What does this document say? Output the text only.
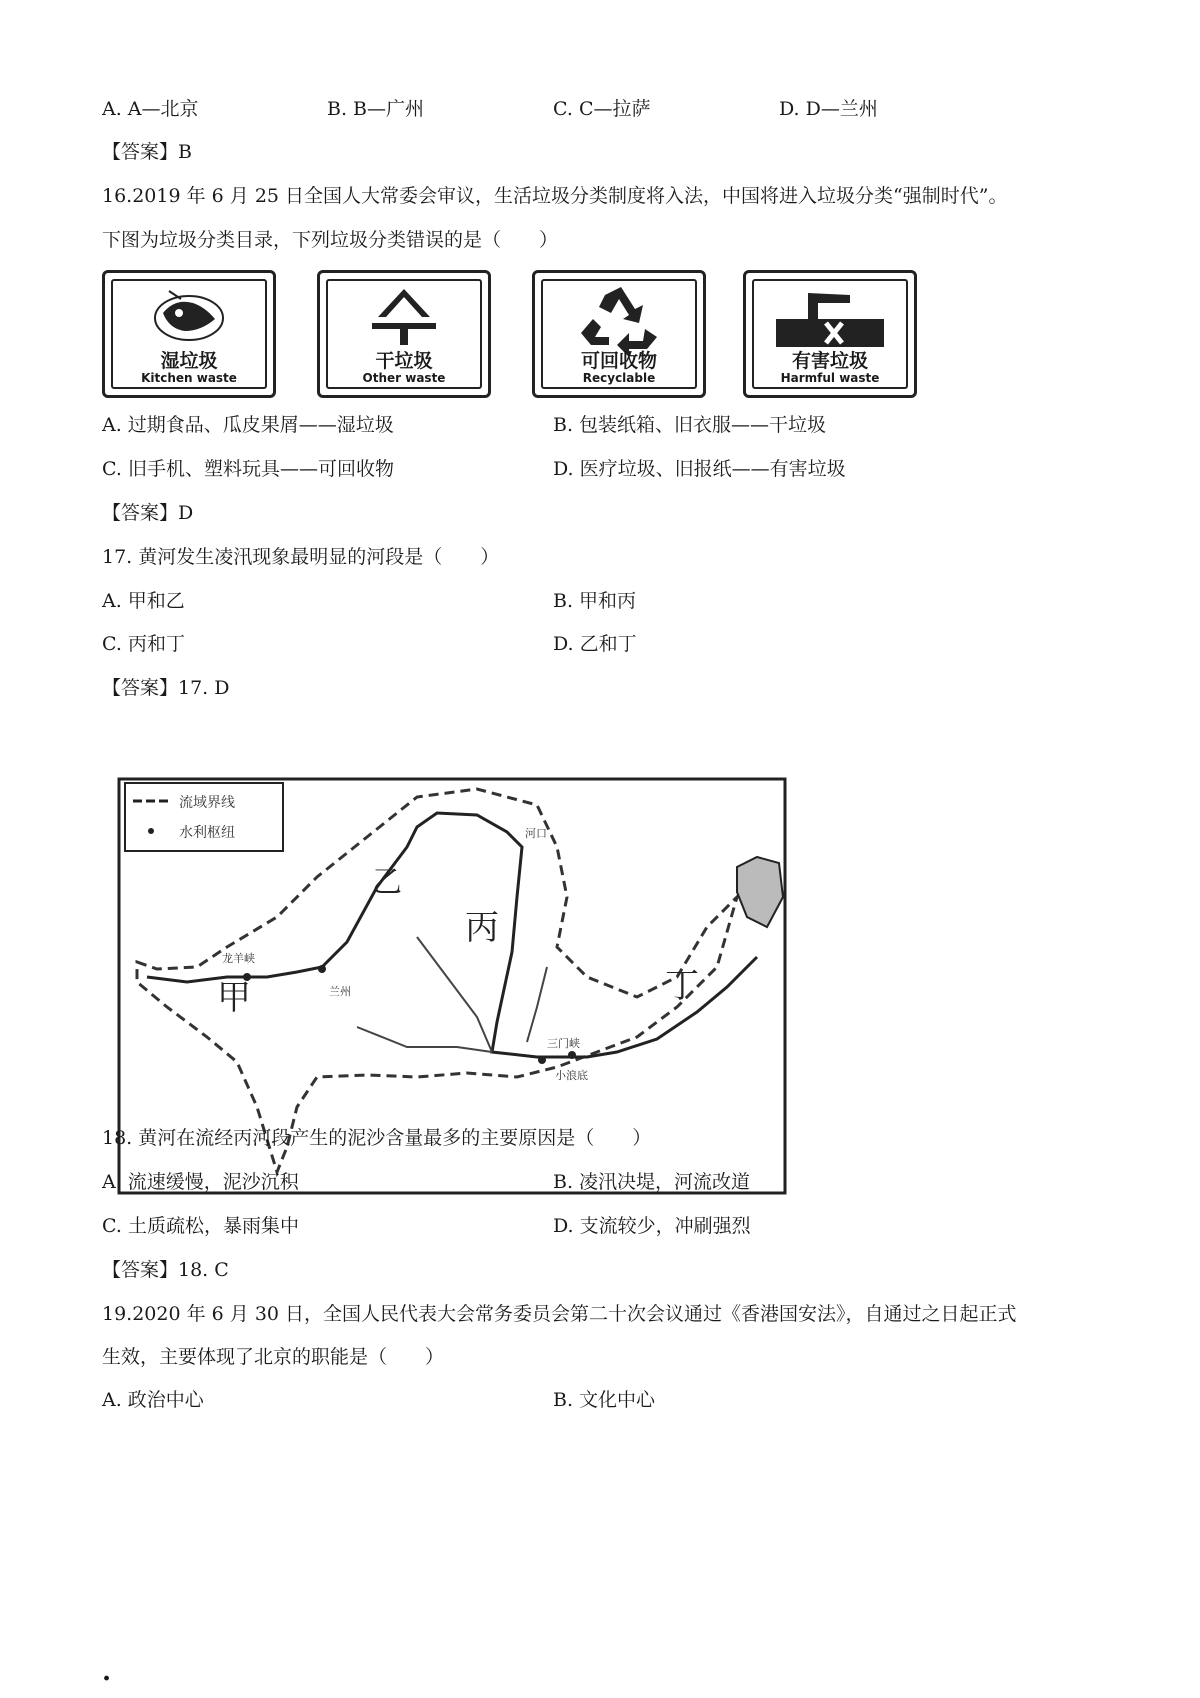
A. A—北京	B. B—广州	C. C—拉萨	D. D—兰州
【答案】B
16.2019 年 6 月 25 日全国人大常委会审议，生活垃圾分类制度将入法，中国将进入垃圾分类“强制时代”。
下图为垃圾分类目录，下列垃圾分类错误的是（　　）
湿垃圾
Kitchen waste
干垃圾
Other waste
可回收物
Recyclable
有害垃圾
Harmful waste
A. 过期食品、瓜皮果屑——湿垃圾	B. 包装纸箱、旧衣服——干垃圾
C. 旧手机、塑料玩具——可回收物	D. 医疗垃圾、旧报纸——有害垃圾
【答案】D
17. 黄河发生凌汛现象最明显的河段是（　　）
A. 甲和乙	B. 甲和丙
C. 丙和丁	D. 乙和丁
【答案】17. D
流域界线
水利枢纽
甲
乙
丙
丁
兰州
三门峡
龙羊峡
河口
小浪底
18. 黄河在流经丙河段产生的泥沙含量最多的主要原因是（　　）
A. 流速缓慢，泥沙沉积	B. 凌汛决堤，河流改道
C. 土质疏松，暴雨集中	D. 支流较少，冲刷强烈
【答案】18. C
19.2020 年 6 月 30 日，全国人民代表大会常务委员会第二十次会议通过《香港国安法》，自通过之日起正式
生效，主要体现了北京的职能是（　　）
A. 政治中心	B. 文化中心
.
